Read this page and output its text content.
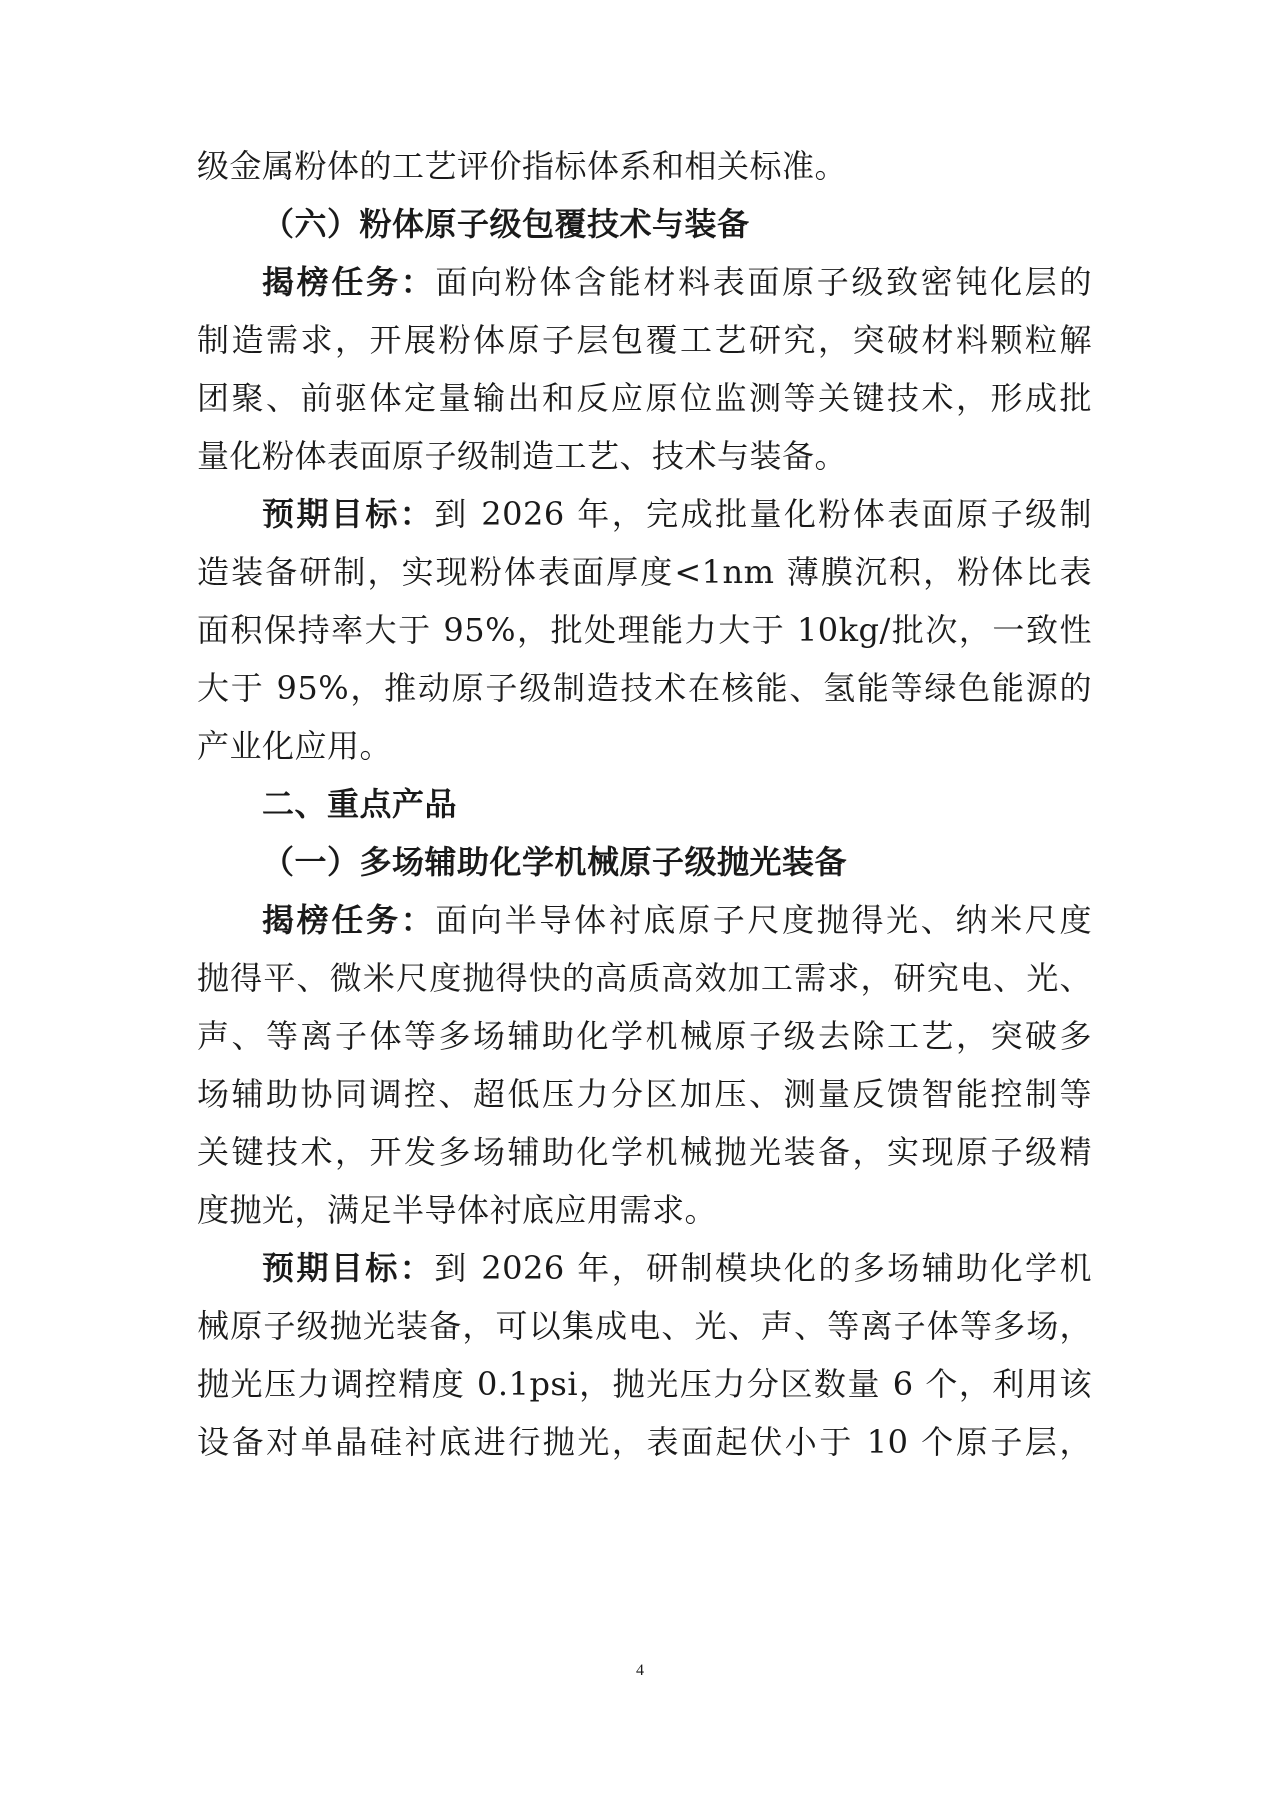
级金属粉体的工艺评价指标体系和相关标准。
（六）粉体原子级包覆技术与装备
揭榜任务：面向粉体含能材料表面原子级致密钝化层的
制造需求，开展粉体原子层包覆工艺研究，突破材料颗粒解
团聚、前驱体定量输出和反应原位监测等关键技术，形成批
量化粉体表面原子级制造工艺、技术与装备。
预期目标：到 2026 年，完成批量化粉体表面原子级制
造装备研制，实现粉体表面厚度<1nm 薄膜沉积，粉体比表
面积保持率大于 95%，批处理能力大于 10kg/批次，一致性
大于 95%，推动原子级制造技术在核能、氢能等绿色能源的
产业化应用。
二、重点产品
（一）多场辅助化学机械原子级抛光装备
揭榜任务：面向半导体衬底原子尺度抛得光、纳米尺度
抛得平、微米尺度抛得快的高质高效加工需求，研究电、光、
声、等离子体等多场辅助化学机械原子级去除工艺，突破多
场辅助协同调控、超低压力分区加压、测量反馈智能控制等
关键技术，开发多场辅助化学机械抛光装备，实现原子级精
度抛光，满足半导体衬底应用需求。
预期目标：到 2026 年，研制模块化的多场辅助化学机
械原子级抛光装备，可以集成电、光、声、等离子体等多场，
抛光压力调控精度 0.1psi，抛光压力分区数量 6 个，利用该
设备对单晶硅衬底进行抛光，表面起伏小于 10 个原子层，
4
